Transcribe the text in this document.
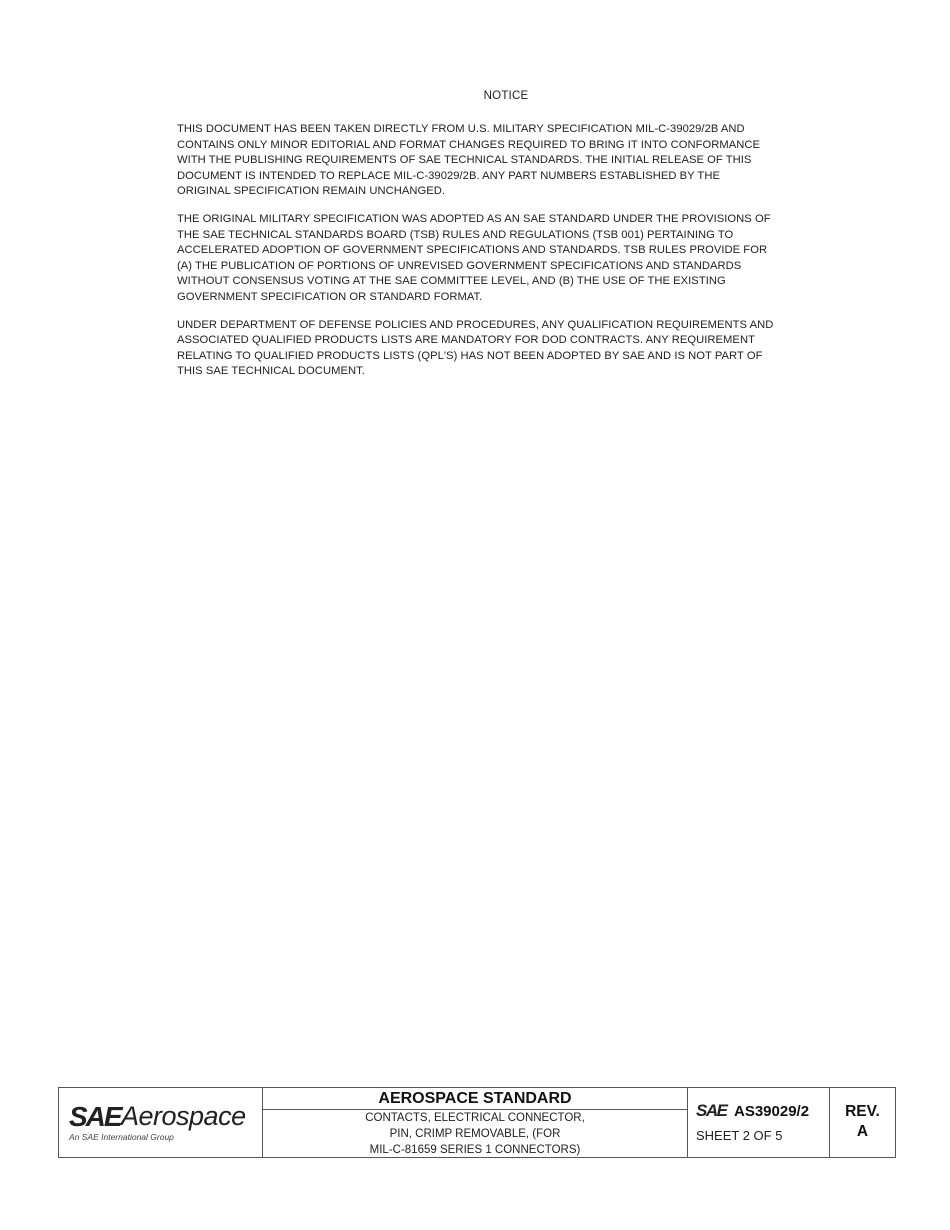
NOTICE

THIS DOCUMENT HAS BEEN TAKEN DIRECTLY FROM U.S. MILITARY SPECIFICATION MIL-C-39029/2B AND
CONTAINS ONLY MINOR EDITORIAL AND FORMAT CHANGES REQUIRED TO BRING IT INTO CONFORMANCE
WITH THE PUBLISHING REQUIREMENTS OF SAE TECHNICAL STANDARDS. THE INITIAL RELEASE OF THIS
DOCUMENT IS INTENDED TO REPLACE MIL-C-39029/2B. ANY PART NUMBERS ESTABLISHED BY THE
ORIGINAL SPECIFICATION REMAIN UNCHANGED.

THE ORIGINAL MILITARY SPECIFICATION WAS ADOPTED AS AN SAE STANDARD UNDER THE PROVISIONS OF
THE SAE TECHNICAL STANDARDS BOARD (TSB) RULES AND REGULATIONS (TSB 001) PERTAINING TO
ACCELERATED ADOPTION OF GOVERNMENT SPECIFICATIONS AND STANDARDS. TSB RULES PROVIDE FOR
(A) THE PUBLICATION OF PORTIONS OF UNREVISED GOVERNMENT SPECIFICATIONS AND STANDARDS
WITHOUT CONSENSUS VOTING AT THE SAE COMMITTEE LEVEL, AND (B) THE USE OF THE EXISTING
GOVERNMENT SPECIFICATION OR STANDARD FORMAT.

UNDER DEPARTMENT OF DEFENSE POLICIES AND PROCEDURES, ANY QUALIFICATION REQUIREMENTS AND
ASSOCIATED QUALIFIED PRODUCTS LISTS ARE MANDATORY FOR DOD CONTRACTS. ANY REQUIREMENT
RELATING TO QUALIFIED PRODUCTS LISTS (QPL'S) HAS NOT BEEN ADOPTED BY SAE AND IS NOT PART OF
THIS SAE TECHNICAL DOCUMENT.

SAE Aerospace
An SAE International Group
AEROSPACE STANDARD
CONTACTS, ELECTRICAL CONNECTOR,
PIN, CRIMP REMOVABLE, (FOR
MIL-C-81659 SERIES 1 CONNECTORS)
SAE AS39029/2
SHEET 2 OF 5
REV.
A
